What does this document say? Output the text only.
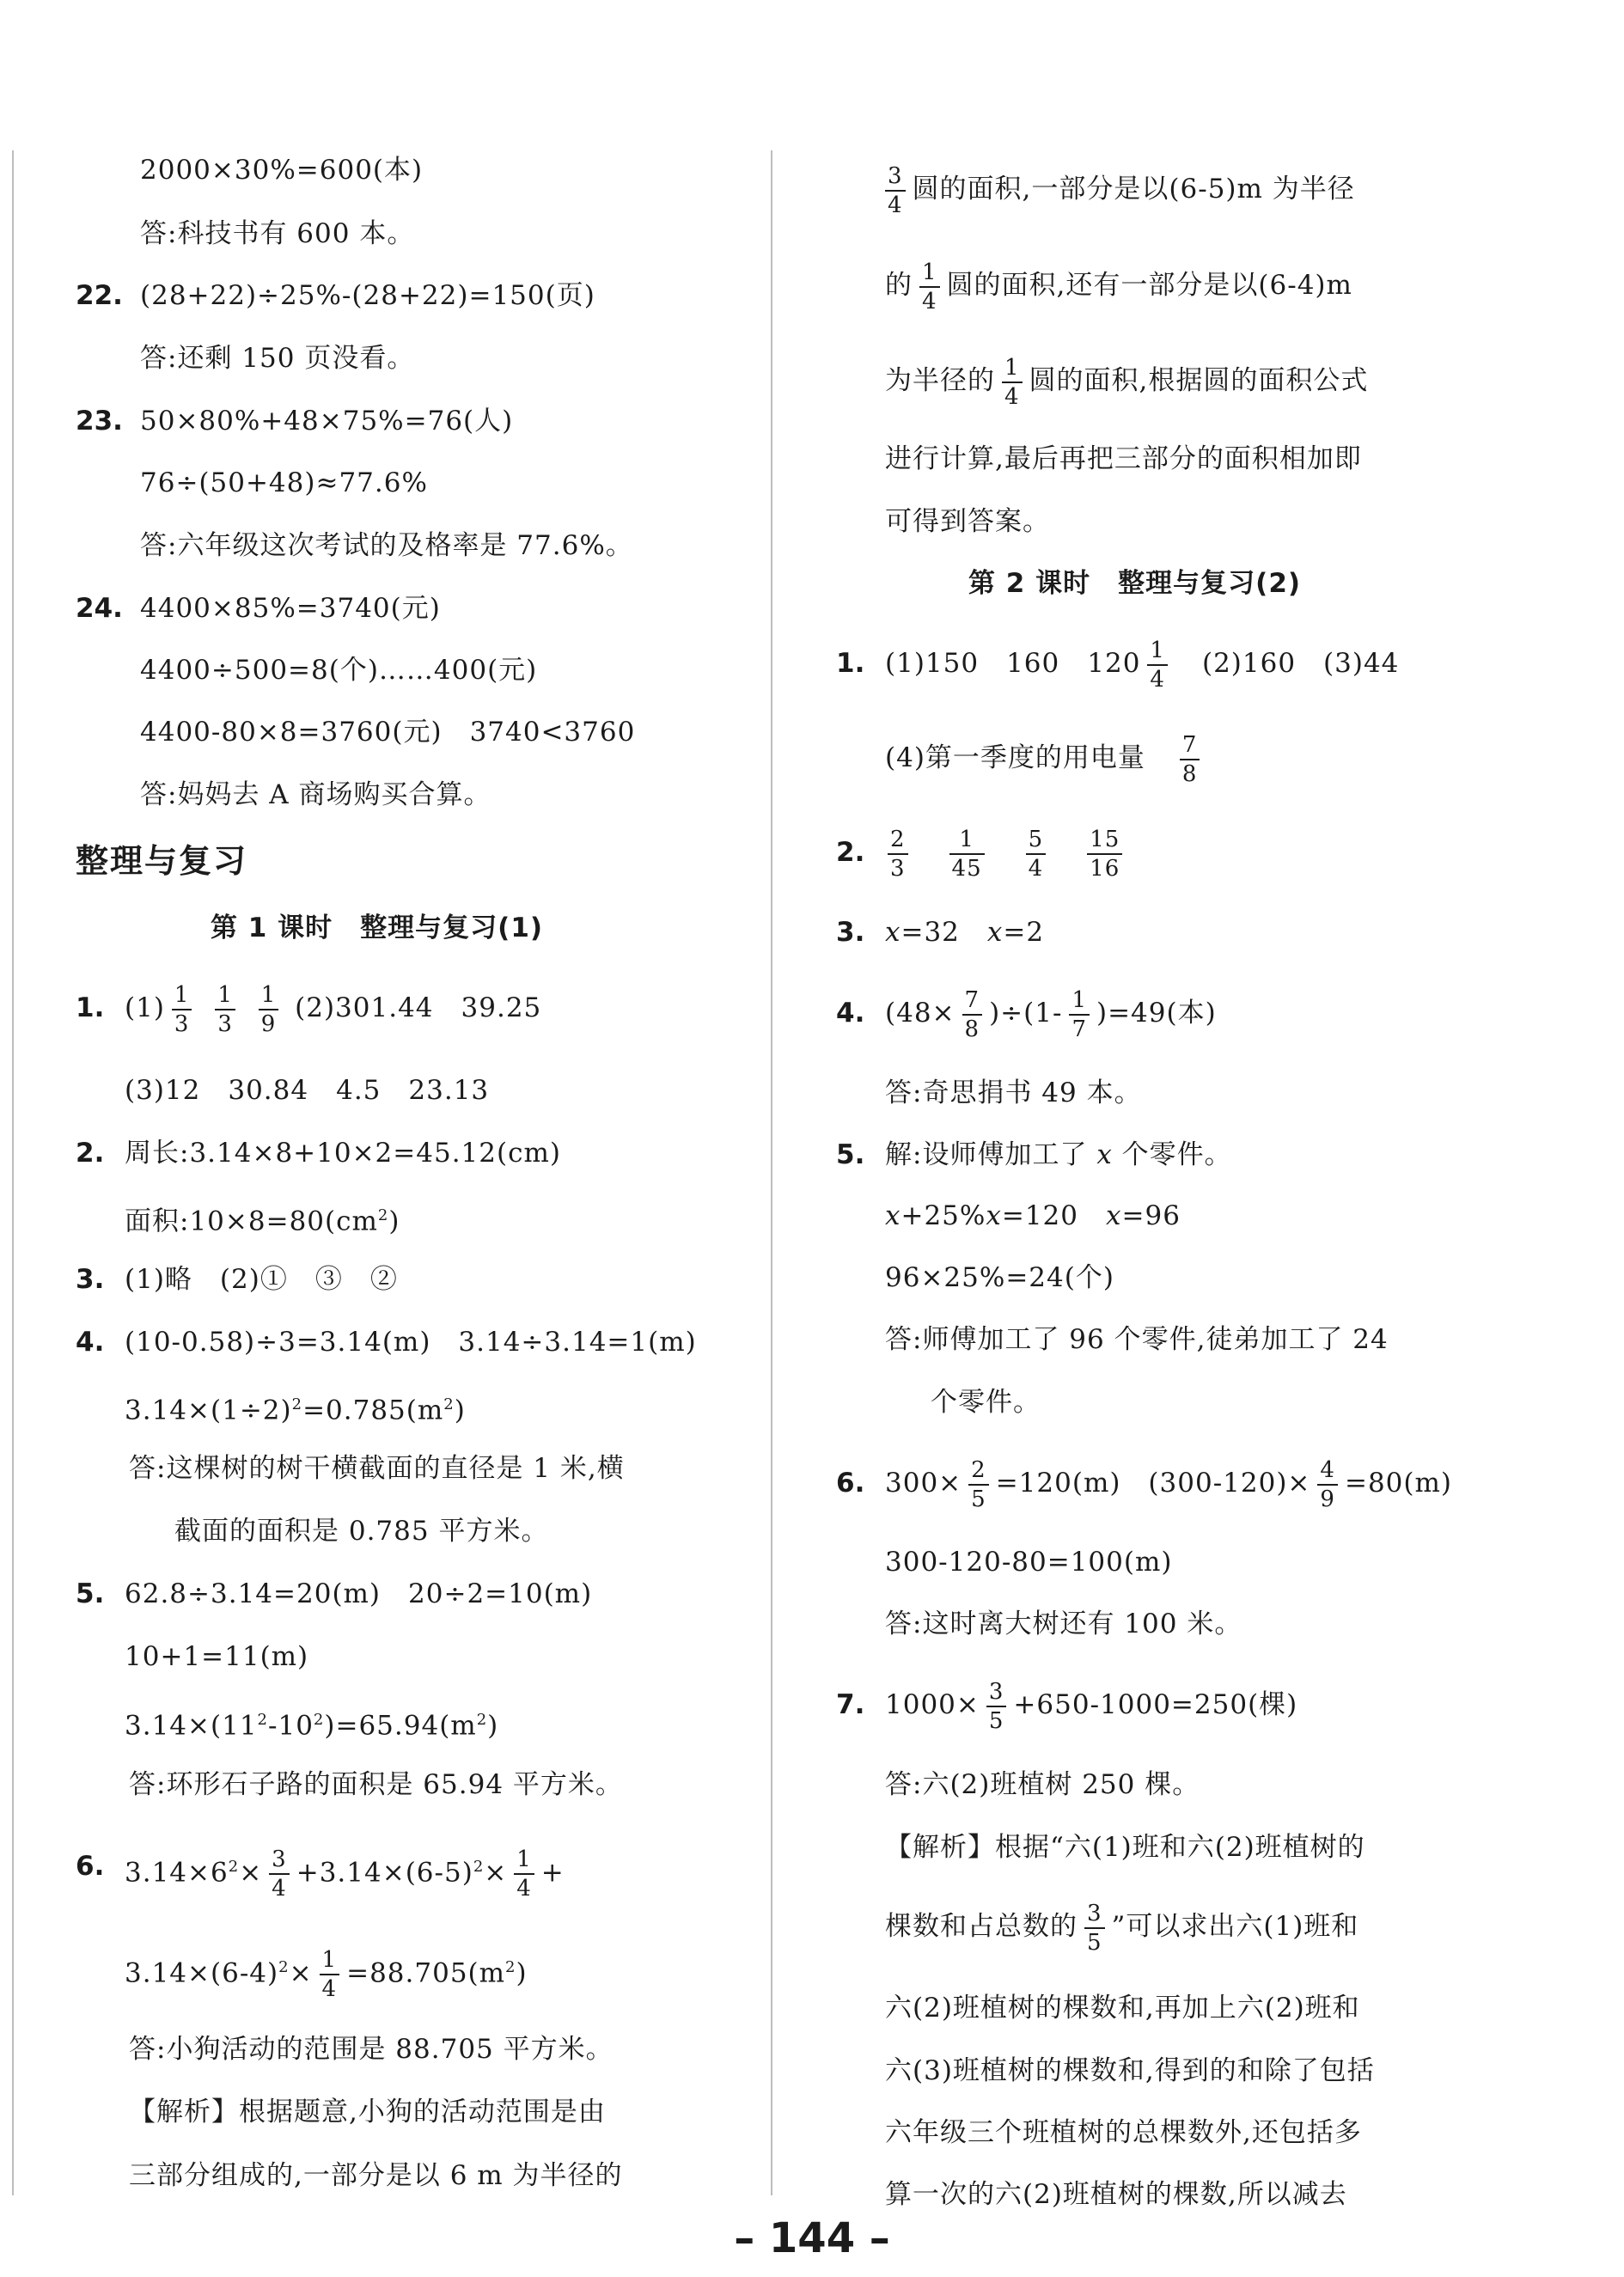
2000×30%=600(本)
答:科技书有 600 本。
22. (28+22)÷25%-(28+22)=150(页)
答:还剩 150 页没看。
23. 50×80%+48×75%=76(人)
76÷(50+48)≈77.6%
答:六年级这次考试的及格率是 77.6%。
24. 4400×85%=3740(元)
4400÷500=8(个)……400(元)
4400-80×8=3760(元)　3740<3760
答:妈妈去 A 商场购买合算。
整理与复习
第 1 课时　整理与复习(1)
1. $(1) \frac{1}{3}$
$\frac{1}{3}$
$\frac{1}{9} (2)301.44$　39.25
(3)12　30.84　4.5　23.13
2. 周长:3.14×8+10×2=45.12(cm)
面积$:10\times 8=80(cm^2)$
3. (1)略　(2)①　③　②
4. (10-0.58)÷3=3.14(m)　3.14÷3.14=1(m)
$3.14\times(1\div 2)^2=0.785(m^2)$
答:这棵树的树干横截面的直径是 1 米,横
截面的面积是 0.785 平方米。
5. 62.8÷3.14=20(m)　20÷2=10(m)
10+1=11(m)
$3.14\times(11^2-10^2)=65.94(m^2)$
答:环形石子路的面积是 65.94 平方米。
6. $3.14\times 6^2\times \frac{3}{4} +3.14\times(6-5)^2\times \frac{1}{4}$ +
$3.14\times(6-4)^2\times \frac{1}{4} =88.705(m^2)$
答:小狗活动的范围是 88.705 平方米。
【解析】根据题意,小狗的活动范围是由
三部分组成的,一部分是以 6 m 为半径的
$\frac{3}{4}$ 圆的面积,一部分是以(6-5)m 为半径
的 $\frac{1}{4}$ 圆的面积,还有一部分是以(6-4)m
为半径的 $\frac{1}{4}$ 圆的面积,根据圆的面积公式
进行计算,最后再把三部分的面积相加即
可得到答案。
第 2 课时　整理与复习(2)
1. (1)150　160　$120 \frac{1}{4}$
　 (2)160　(3)44
(4)第一季度的用电量　 $\frac{7}{8}$
2. $\frac{2}{3}$
　 $\frac{1}{45}$
　 $\frac{5}{4}$
　 $\frac{15}{16}$
3. x=32　x=2
4. $(48\times \frac{7}{8} )\div(1- \frac{1}{7} )=49$(本)
答:奇思捐书 49 本。
5. 解:设师傅加工了 x 个零件。
x+25%x=120　x=96
96×25%=24(个)
答:师傅加工了 96 个零件,徒弟加工了 24
个零件。
6. $300\times \frac{2}{5} =120(m)$　$(300-120)\times \frac{4}{9} =80(m)$
300-120-80=100(m)
答:这时离大树还有 100 米。
7. $1000\times \frac{3}{5} +650-1000=250$(棵)
答:六(2)班植树 250 棵。
【解析】根据“六(1)班和六(2)班植树的
棵数和占总数的 $\frac{3}{5}$ ”可以求出六(1)班和
六(2)班植树的棵数和,再加上六(2)班和
六(3)班植树的棵数和,得到的和除了包括
六年级三个班植树的总棵数外,还包括多
算一次的六(2)班植树的棵数,所以减去
– 144 –
